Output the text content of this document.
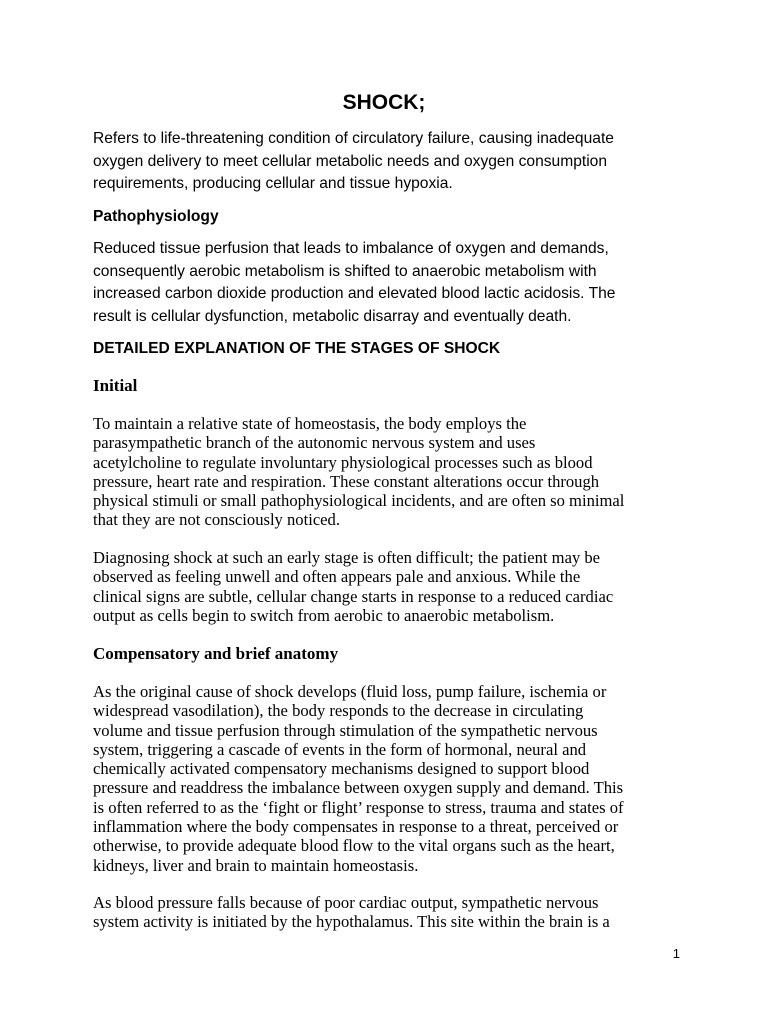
SHOCK;
Refers to life-threatening condition of circulatory failure, causing inadequate
oxygen delivery to meet cellular metabolic needs and oxygen consumption
requirements, producing cellular and tissue hypoxia.
Pathophysiology
Reduced tissue perfusion that leads to imbalance of oxygen and demands,
consequently aerobic metabolism is shifted to anaerobic metabolism with
increased carbon dioxide production and elevated blood lactic acidosis. The
result is cellular dysfunction, metabolic disarray and eventually death.
DETAILED EXPLANATION OF THE STAGES OF SHOCK
Initial
To maintain a relative state of homeostasis, the body employs the
parasympathetic branch of the autonomic nervous system and uses
acetylcholine to regulate involuntary physiological processes such as blood
pressure, heart rate and respiration. These constant alterations occur through
physical stimuli or small pathophysiological incidents, and are often so minimal
that they are not consciously noticed.
Diagnosing shock at such an early stage is often difficult; the patient may be
observed as feeling unwell and often appears pale and anxious. While the
clinical signs are subtle, cellular change starts in response to a reduced cardiac
output as cells begin to switch from aerobic to anaerobic metabolism.
Compensatory and brief anatomy
As the original cause of shock develops (fluid loss, pump failure, ischemia or
widespread vasodilation), the body responds to the decrease in circulating
volume and tissue perfusion through stimulation of the sympathetic nervous
system, triggering a cascade of events in the form of hormonal, neural and
chemically activated compensatory mechanisms designed to support blood
pressure and readdress the imbalance between oxygen supply and demand. This
is often referred to as the ‘fight or flight’ response to stress, trauma and states of
inflammation where the body compensates in response to a threat, perceived or
otherwise, to provide adequate blood flow to the vital organs such as the heart,
kidneys, liver and brain to maintain homeostasis.
As blood pressure falls because of poor cardiac output, sympathetic nervous
system activity is initiated by the hypothalamus. This site within the brain is a
1
